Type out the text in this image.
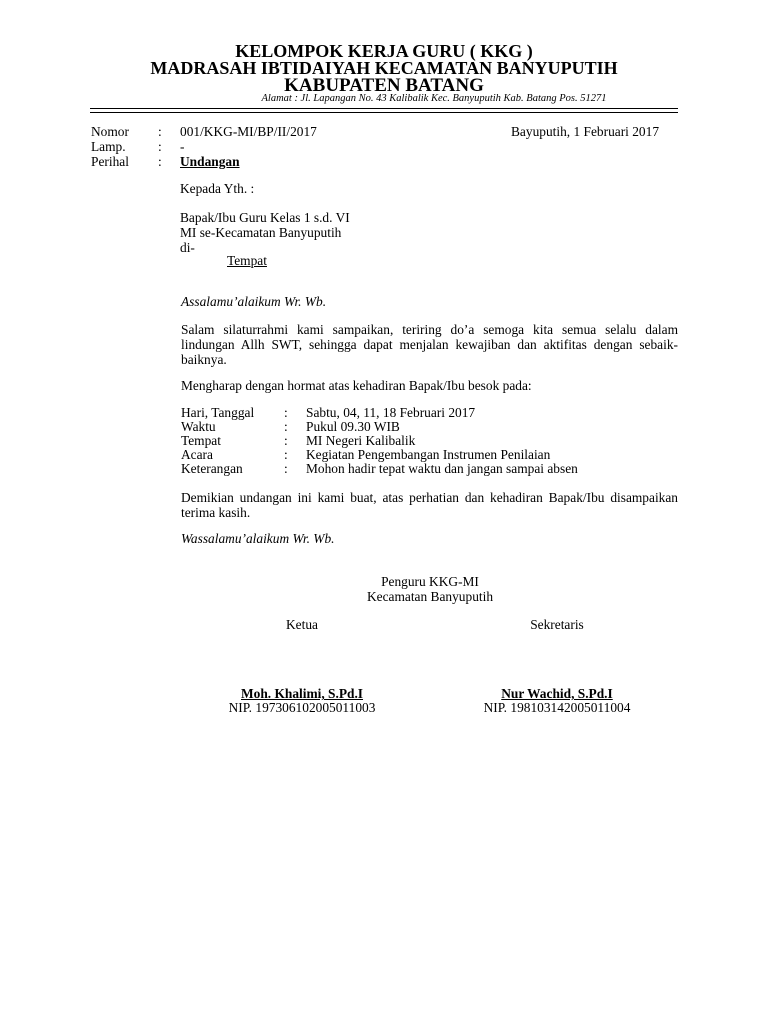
KELOMPOK KERJA GURU ( KKG )
MADRASAH IBTIDAIYAH KECAMATAN BANYUPUTIH
KABUPATEN BATANG
Alamat : Jl. Lapangan No. 43 Kalibalik Kec. Banyuputih Kab. Batang Pos. 51271
Nomor : 001/KKG-MI/BP/II/2017	Bayuputih, 1 Februari 2017
Lamp. : -
Perihal : Undangan
Kepada Yth. :
Bapak/Ibu Guru Kelas 1 s.d. VI
MI se-Kecamatan Banyuputih
di-
Tempat
Assalamu’alaikum Wr. Wb.
Salam silaturrahmi kami sampaikan, teriring do’a semoga kita semua selalu dalam lindungan Allh SWT, sehingga dapat menjalan kewajiban dan aktifitas dengan sebaik-baiknya.
Mengharap dengan hormat atas kehadiran Bapak/Ibu besok pada:
Hari, Tanggal : Sabtu, 04, 11, 18 Februari 2017
Waktu	: Pukul 09.30 WIB
Tempat	: MI Negeri Kalibalik
Acara	: Kegiatan Pengembangan Instrumen Penilaian
Keterangan	: Mohon hadir tepat waktu dan jangan sampai absen
Demikian undangan ini kami buat, atas perhatian dan kehadiran Bapak/Ibu disampaikan terima kasih.
Wassalamu’alaikum Wr. Wb.
Penguru KKG-MI
Kecamatan Banyuputih
Ketua	Sekretaris
Moh. Khalimi, S.Pd.I
NIP. 197306102005011003
Nur Wachid, S.Pd.I
NIP. 198103142005011004
